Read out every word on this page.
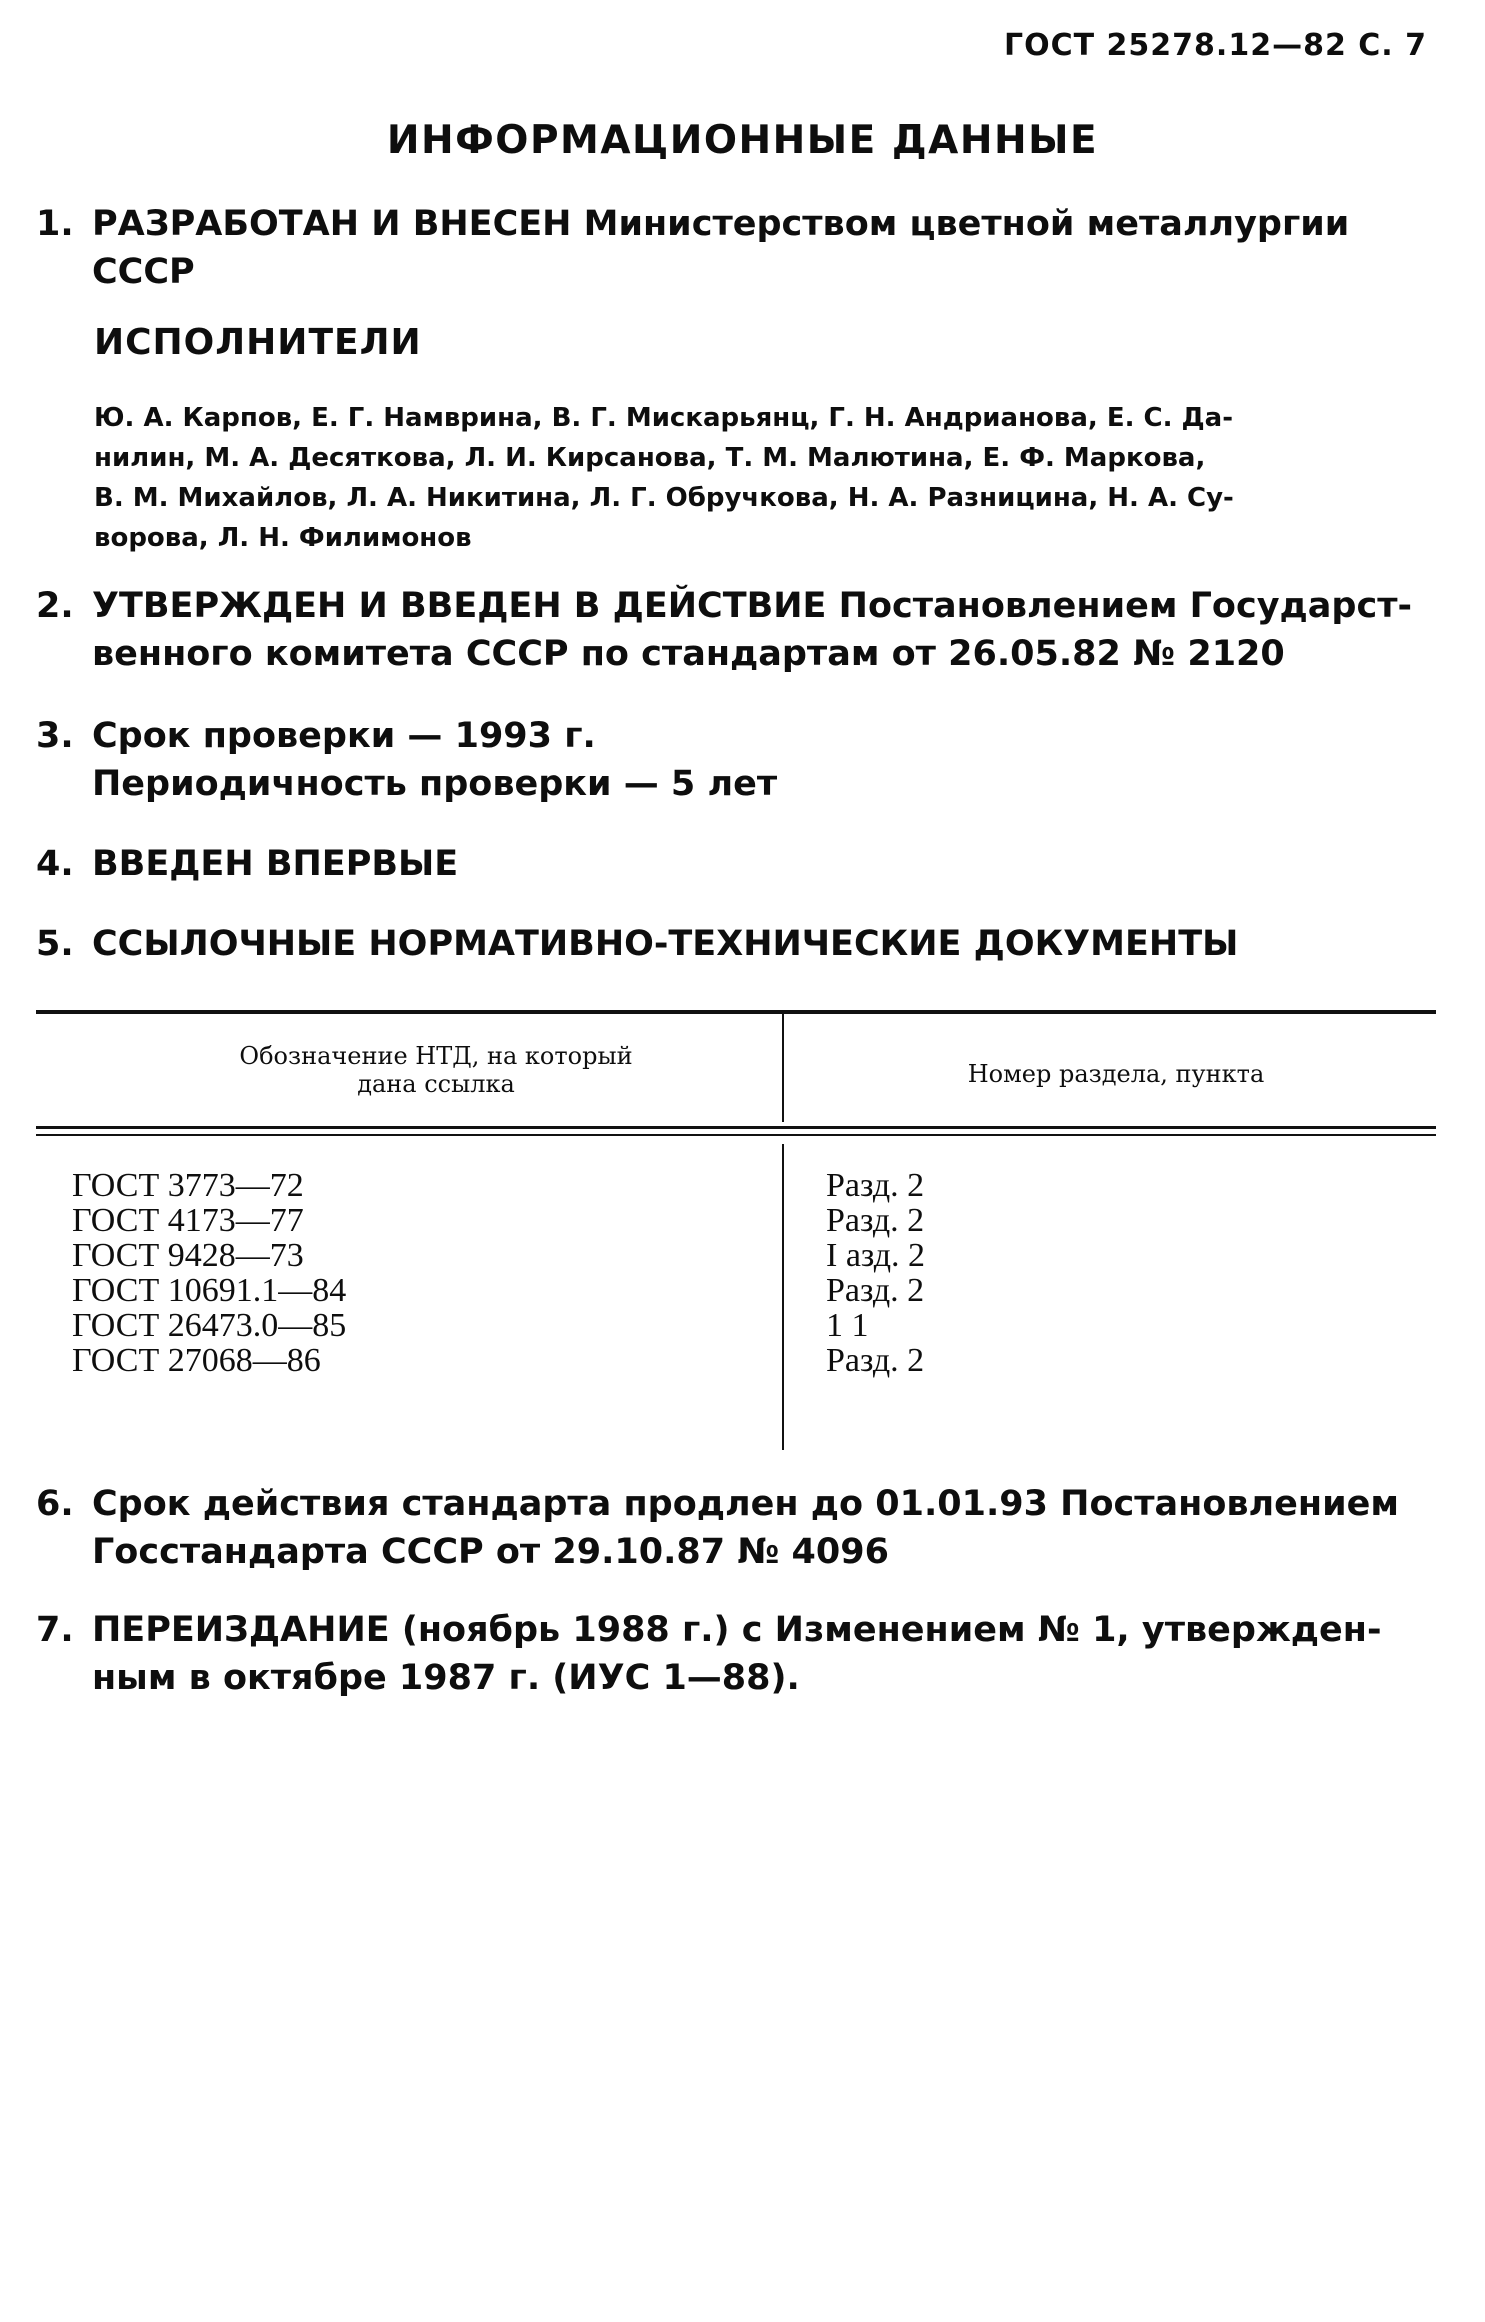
ГОСТ 25278.12—82 С. 7
ИНФОРМАЦИОННЫЕ ДАННЫЕ
1. РАЗРАБОТАН И ВНЕСЕН Министерством цветной металлургии
СССР
ИСПОЛНИТЕЛИ
Ю. А. Карпов, Е. Г. Намврина, В. Г. Мискарьянц, Г. Н. Андрианова, Е. С. Да-
нилин, М. А. Десяткова, Л. И. Кирсанова, Т. М. Малютина, Е. Ф. Маркова,
В. М. Михайлов, Л. А. Никитина, Л. Г. Обручкова, Н. А. Разницина, Н. А. Су-
ворова, Л. Н. Филимонов
2. УТВЕРЖДЕН И ВВЕДЕН В ДЕЙСТВИЕ Постановлением Государст-
венного комитета СССР по стандартам от 26.05.82 № 2120
3. Срок проверки — 1993 г.
Периодичность проверки — 5 лет
4. ВВЕДЕН ВПЕРВЫЕ
5. ССЫЛОЧНЫЕ НОРМАТИВНО-ТЕХНИЧЕСКИЕ ДОКУМЕНТЫ
Обозначение НТД, на который
дана ссылка	Номер раздела, пункта
ГОСТ 3773—72
ГОСТ 4173—77
ГОСТ 9428—73
ГОСТ 10691.1—84
ГОСТ 26473.0—85
ГОСТ 27068—86
Разд. 2
Разд. 2
I азд. 2
Разд. 2
1 1
Разд. 2
6. Срок действия стандарта продлен до 01.01.93 Постановлением
Госстандарта СССР от 29.10.87 № 4096
7. ПЕРЕИЗДАНИЕ (ноябрь 1988 г.) с Изменением № 1, утвержден-
ным в октябре 1987 г. (ИУС 1—88).
